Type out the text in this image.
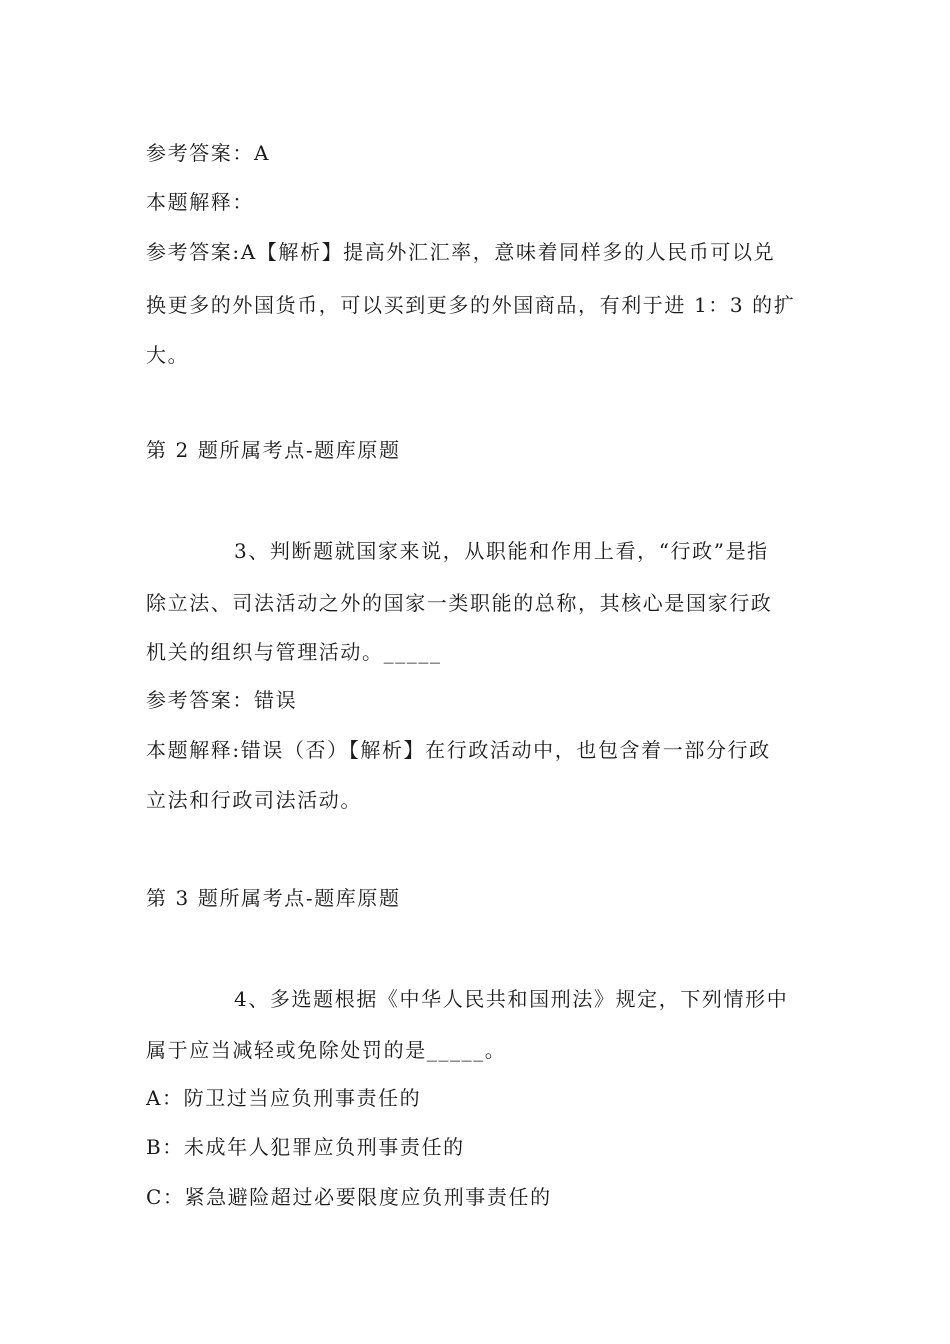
参考答案：A
本题解释：
参考答案:A【解析】提高外汇汇率，意味着同样多的人民币可以兑
换更多的外国货币，可以买到更多的外国商品，有利于进 1：3 的扩
大。
第 2 题所属考点-题库原题
3、判断题就国家来说，从职能和作用上看，“行政”是指
除立法、司法活动之外的国家一类职能的总称，其核心是国家行政
机关的组织与管理活动。_____
参考答案：错误
本题解释:错误（否）【解析】在行政活动中，也包含着一部分行政
立法和行政司法活动。
第 3 题所属考点-题库原题
4、多选题根据《中华人民共和国刑法》规定，下列情形中
属于应当减轻或免除处罚的是_____。
A：防卫过当应负刑事责任的
B：未成年人犯罪应负刑事责任的
C：紧急避险超过必要限度应负刑事责任的
